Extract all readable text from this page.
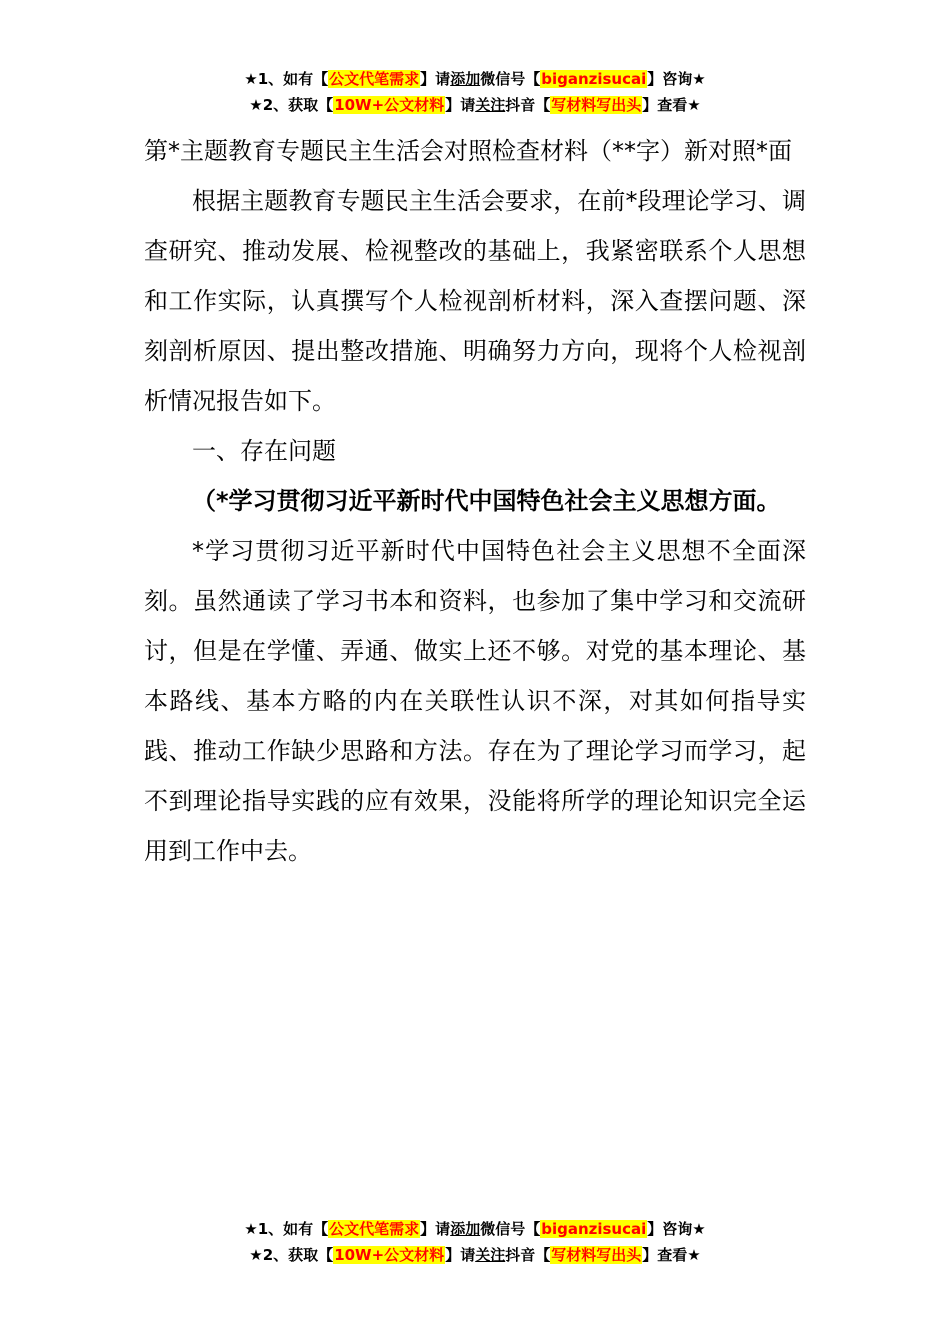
★1、如有【公文代笔需求】请添加微信号【biganzisucai】咨询★
★2、获取【10W+公文材料】请关注抖音【写材料写出头】查看★

第*主题教育专题民主生活会对照检查材料（**字）新对照*面

根据主题教育专题民主生活会要求，在前*段理论学习、调查研究、推动发展、检视整改的基础上，我紧密联系个人思想和工作实际，认真撰写个人检视剖析材料，深入查摆问题、深刻剖析原因、提出整改措施、明确努力方向，现将个人检视剖析情况报告如下。

一、存在问题

（*学习贯彻习近平新时代中国特色社会主义思想方面。

*学习贯彻习近平新时代中国特色社会主义思想不全面深刻。虽然通读了学习书本和资料，也参加了集中学习和交流研讨，但是在学懂、弄通、做实上还不够。对党的基本理论、基本路线、基本方略的内在关联性认识不深，对其如何指导实践、推动工作缺少思路和方法。存在为了理论学习而学习，起不到理论指导实践的应有效果，没能将所学的理论知识完全运用到工作中去。

★1、如有【公文代笔需求】请添加微信号【biganzisucai】咨询★
★2、获取【10W+公文材料】请关注抖音【写材料写出头】查看★
